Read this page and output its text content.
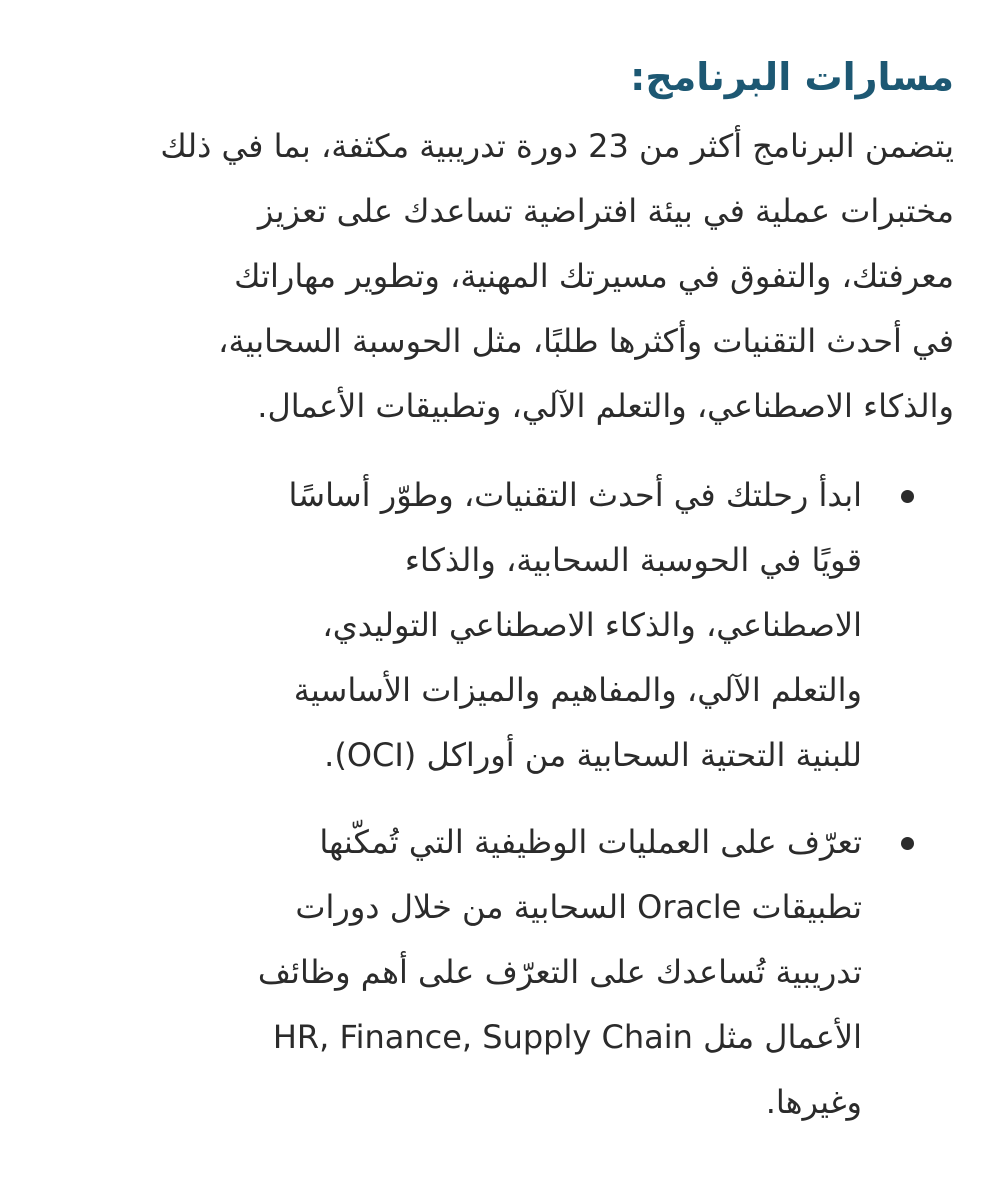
مسارات البرنامج:
يتضمن البرنامج أكثر من 23 دورة تدريبية مكثفة، بما في ذلك
مختبرات عملية في بيئة افتراضية تساعدك على تعزيز
معرفتك، والتفوق في مسيرتك المهنية، وتطوير مهاراتك
في أحدث التقنيات وأكثرها طلبًا، مثل الحوسبة السحابية،
والذكاء الاصطناعي، والتعلم الآلي، وتطبيقات الأعمال.
ابدأ رحلتك في أحدث التقنيات، وطوّر أساسًا
قويًا في الحوسبة السحابية، والذكاء
الاصطناعي، والذكاء الاصطناعي التوليدي،
والتعلم الآلي، والمفاهيم والميزات الأساسية
للبنية التحتية السحابية من أوراكل (OCI).
تعرّف على العمليات الوظيفية التي تُمكّنها
تطبيقات Oracle السحابية من خلال دورات
تدريبية تُساعدك على التعرّف على أهم وظائف
الأعمال مثل HR, Finance, Supply Chain
وغيرها.
